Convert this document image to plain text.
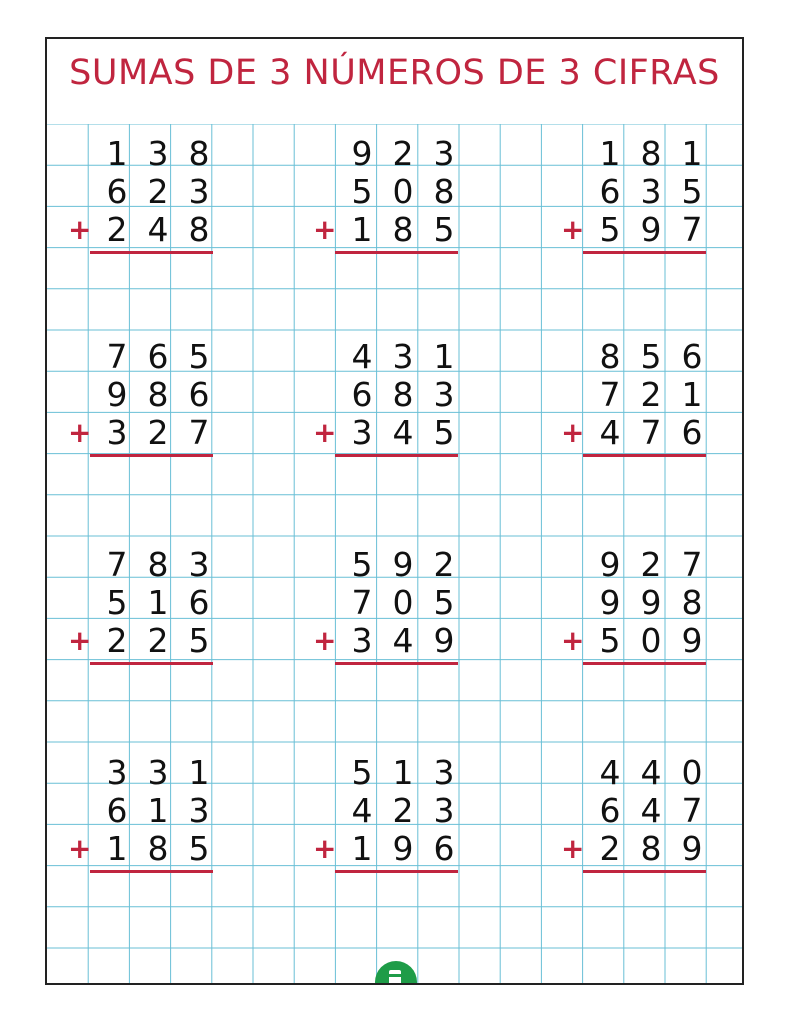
SUMAS DE 3 NÚMEROS DE 3 CIFRAS
1 3 8
6 2 3
2 4 8
+
9 2 3
5 0 8
1 8 5
+
1 8 1
6 3 5
5 9 7
+
7 6 5
9 8 6
3 2 7
+
4 3 1
6 8 3
3 4 5
+
8 5 6
7 2 1
4 7 6
+
7 8 3
5 1 6
2 2 5
+
5 9 2
7 0 5
3 4 9
+
9 2 7
9 9 8
5 0 9
+
3 3 1
6 1 3
1 8 5
+
5 1 3
4 2 3
1 9 6
+
4 4 0
6 4 7
2 8 9
+
